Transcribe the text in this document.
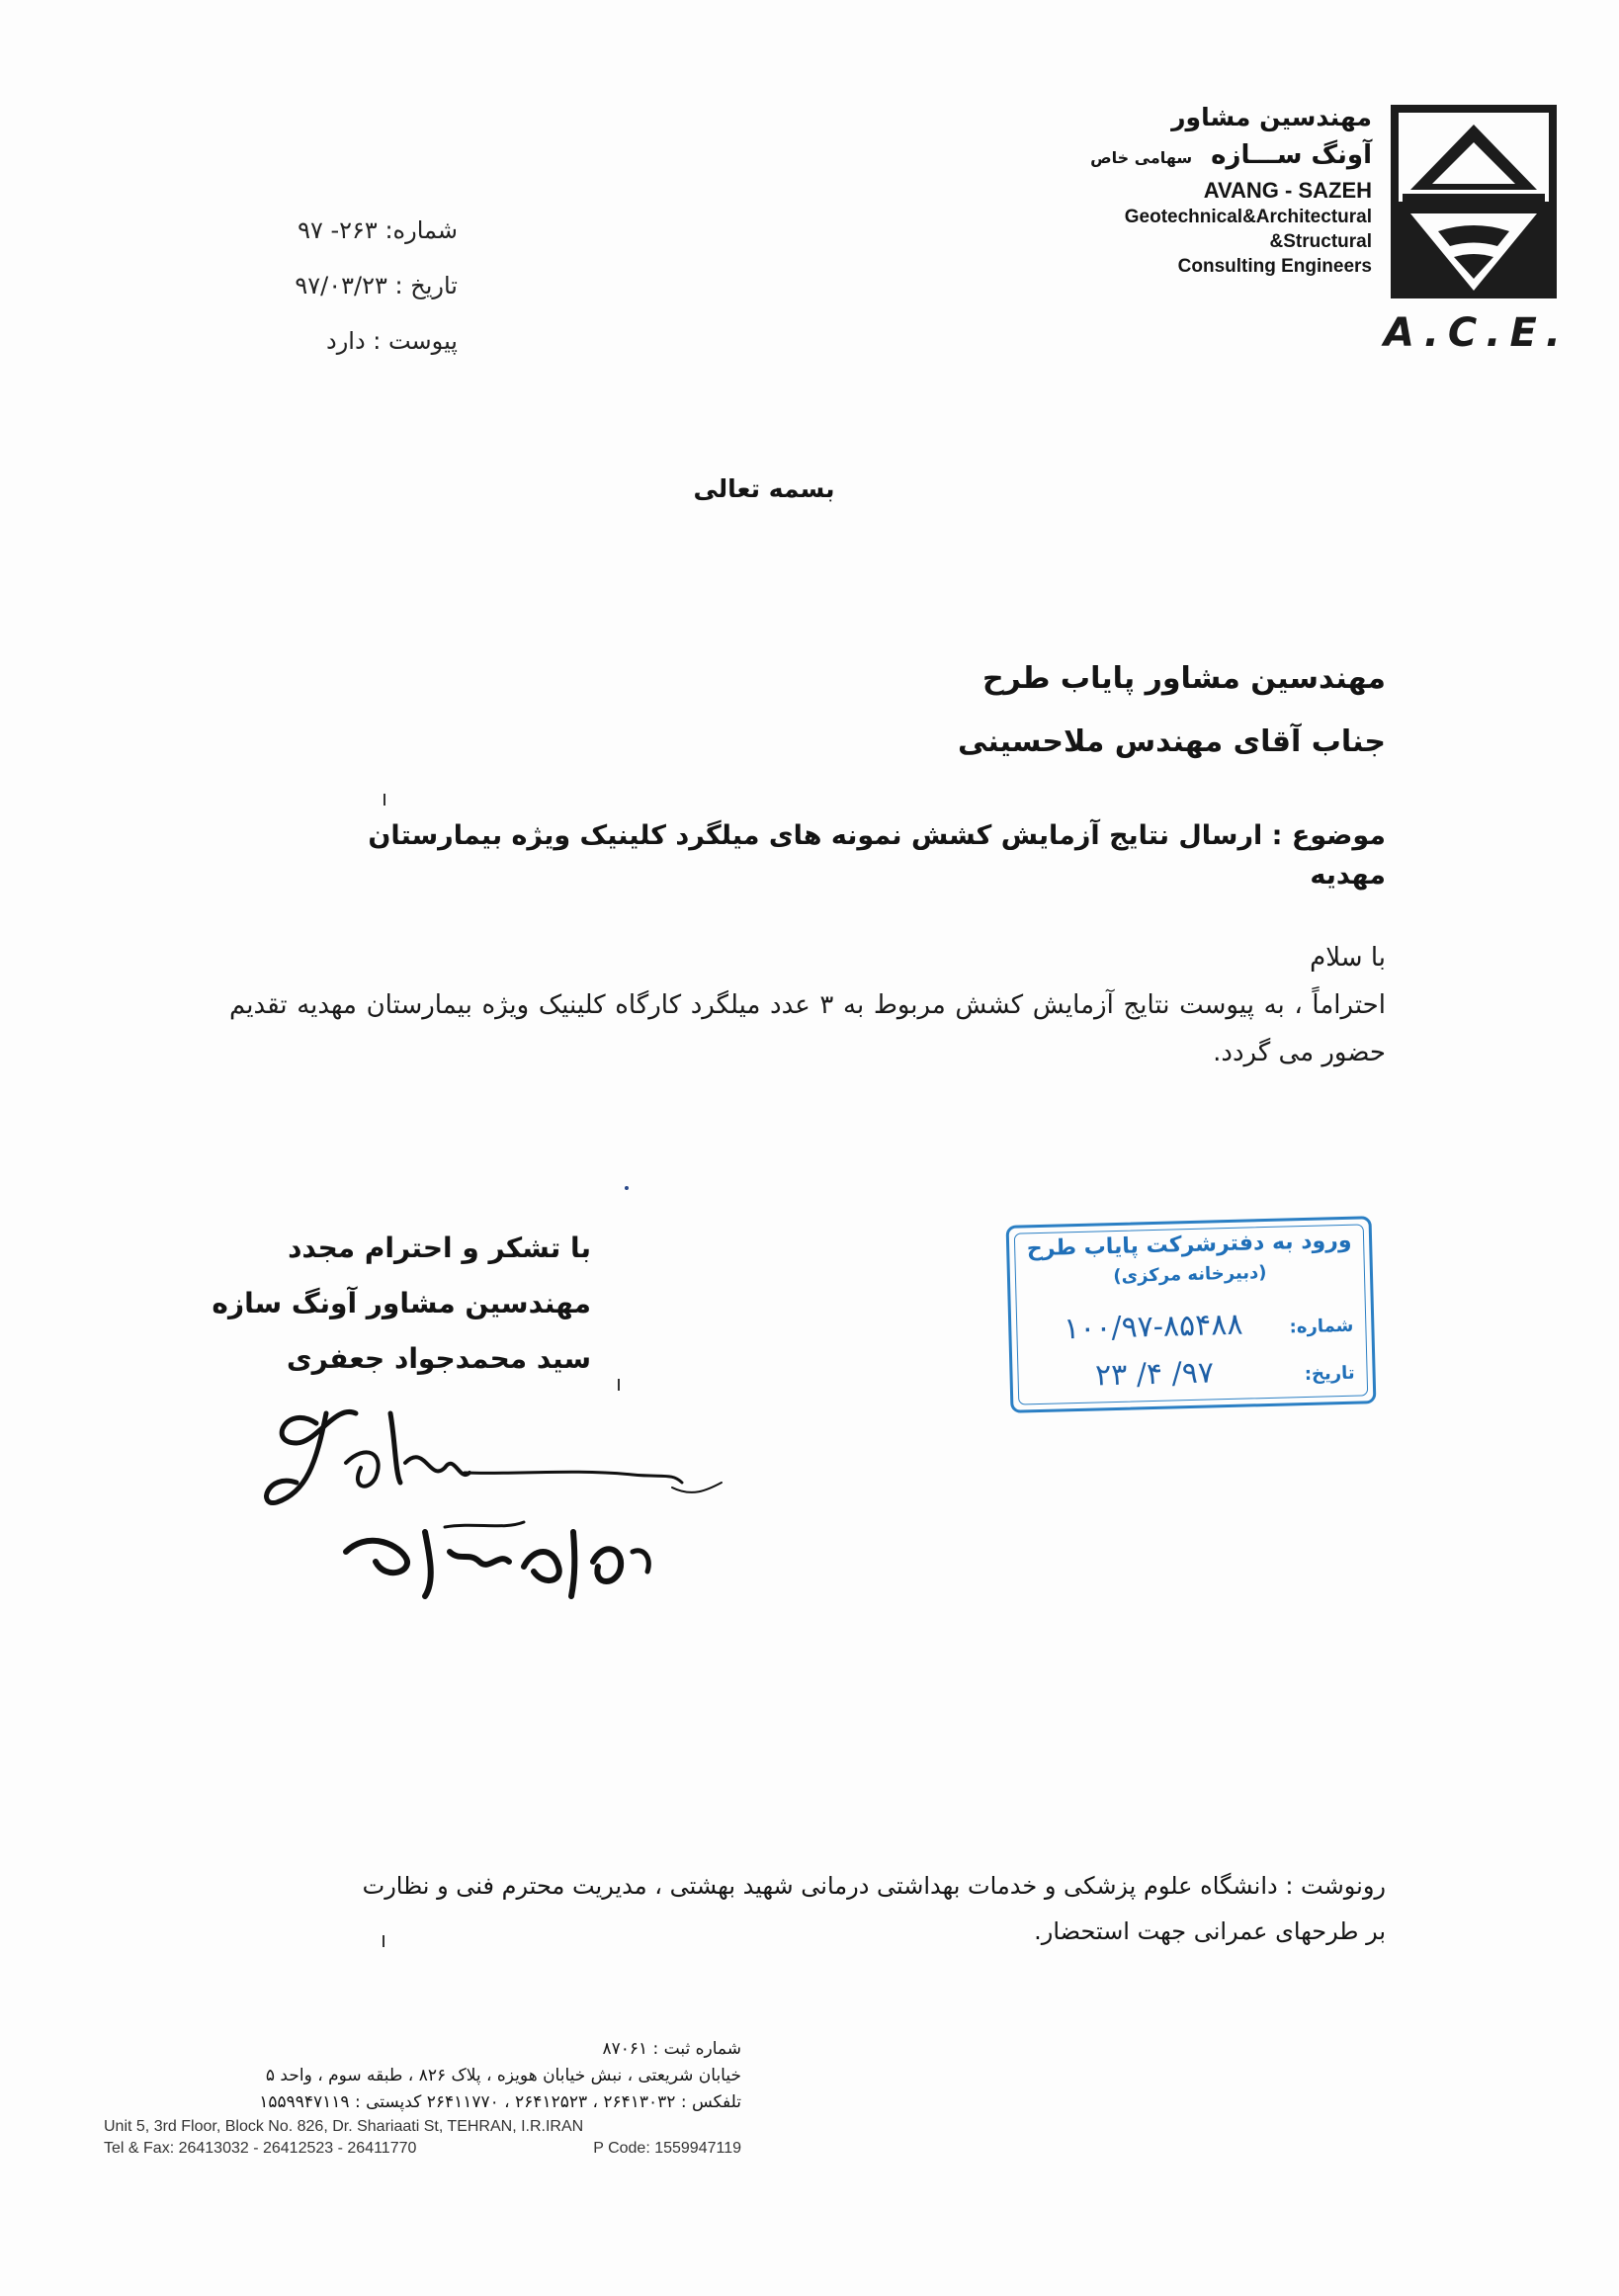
مهندسین مشاور
آونگ ســـازه سهامی خاص
AVANG - SAZEH
Geotechnical&Architectural
&Structural
Consulting Engineers
A.C.E.
شماره: ۲۶۳- ۹۷
تاریخ : ۹۷/۰۳/۲۳
پیوست : دارد
بسمه تعالی
مهندسین مشاور پایاب طرح
جناب آقای مهندس ملاحسینی
موضوع : ارسال نتایج آزمایش کشش نمونه های میلگرد کلینیک ویژه بیمارستان مهدیه
با سلام
احتراماً ، به پیوست نتایج آزمایش کشش مربوط به ۳ عدد میلگرد کارگاه کلینیک ویژه بیمارستان مهدیه تقدیم حضور می گردد.
با تشکر و احترام مجدد
مهندسین مشاور آونگ سازه
سید محمدجواد جعفری
ورود به دفترشرکت پایاب طرح
(دبیرخانه مرکزی)
شماره:
۱۰۰/۹۷-۸۵۴۸۸
تاریخ:
۹۷/ ۴/ ۲۳
رونوشت : دانشگاه علوم پزشکی و خدمات بهداشتی درمانی شهید بهشتی ، مدیریت محترم فنی و نظارت
بر طرحهای عمرانی جهت استحضار.
شماره ثبت : ۸۷۰۶۱
خیابان شریعتی ، نبش خیابان هویزه ، پلاک ۸۲۶ ، طبقه سوم ، واحد ۵
تلفکس : ۲۶۴۱۳۰۳۲ ، ۲۶۴۱۲۵۲۳ ، ۲۶۴۱۱۷۷۰ کدپستی : ۱۵۵۹۹۴۷۱۱۹
Unit 5, 3rd Floor, Block No. 826, Dr. Shariaati St, TEHRAN, I.R.IRAN
Tel & Fax: 26413032 - 26412523 - 26411770	P Code: 1559947119
